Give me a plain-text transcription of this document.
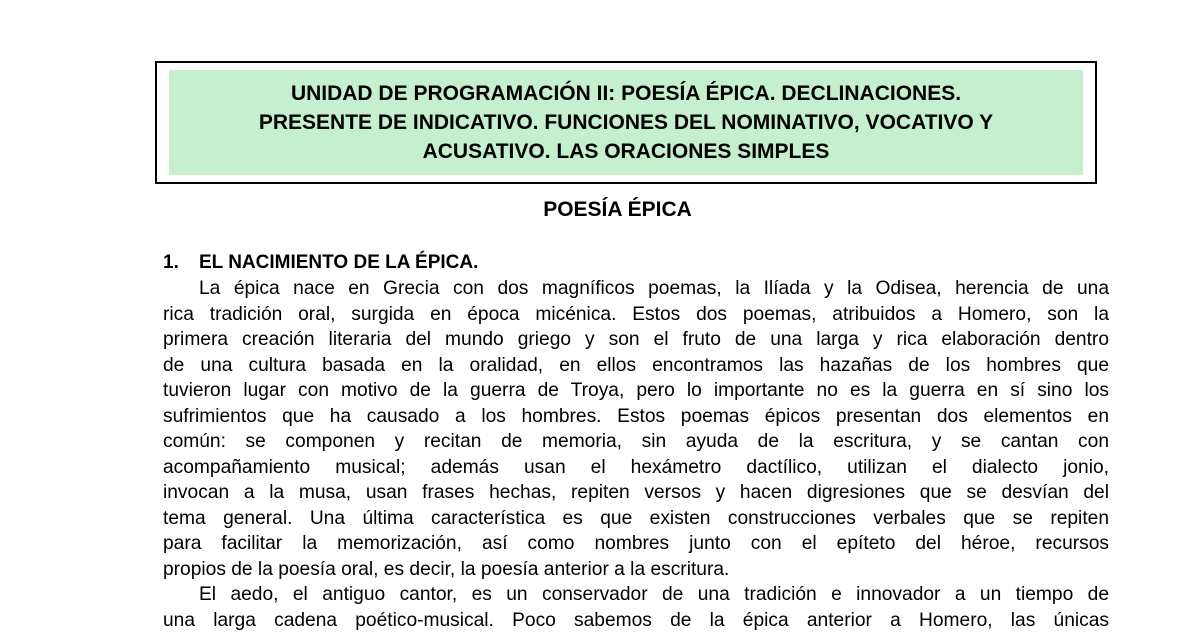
UNIDAD DE PROGRAMACIÓN II: POESÍA ÉPICA. DECLINACIONES.
PRESENTE DE INDICATIVO. FUNCIONES DEL NOMINATIVO, VOCATIVO Y
ACUSATIVO. LAS ORACIONES SIMPLES
POESÍA ÉPICA
1. EL NACIMIENTO DE LA ÉPICA.
La épica nace en Grecia con dos magníficos poemas, la Ilíada y la Odisea, herencia de una
rica tradición oral, surgida en época micénica. Estos dos poemas, atribuidos a Homero, son la
primera creación literaria del mundo griego y son el fruto de una larga y rica elaboración dentro
de una cultura basada en la oralidad, en ellos encontramos las hazañas de los hombres que
tuvieron lugar con motivo de la guerra de Troya, pero lo importante no es la guerra en sí sino los
sufrimientos que ha causado a los hombres. Estos poemas épicos presentan dos elementos en
común: se componen y recitan de memoria, sin ayuda de la escritura, y se cantan con
acompañamiento musical; además usan el hexámetro dactílico, utilizan el dialecto jonio,
invocan a la musa, usan frases hechas, repiten versos y hacen digresiones que se desvían del
tema general. Una última característica es que existen construcciones verbales que se repiten
para facilitar la memorización, así como nombres junto con el epíteto del héroe, recursos
propios de la poesía oral, es decir, la poesía anterior a la escritura.
El aedo, el antiguo cantor, es un conservador de una tradición e innovador a un tiempo de
una larga cadena poético-musical. Poco sabemos de la épica anterior a Homero, las únicas
